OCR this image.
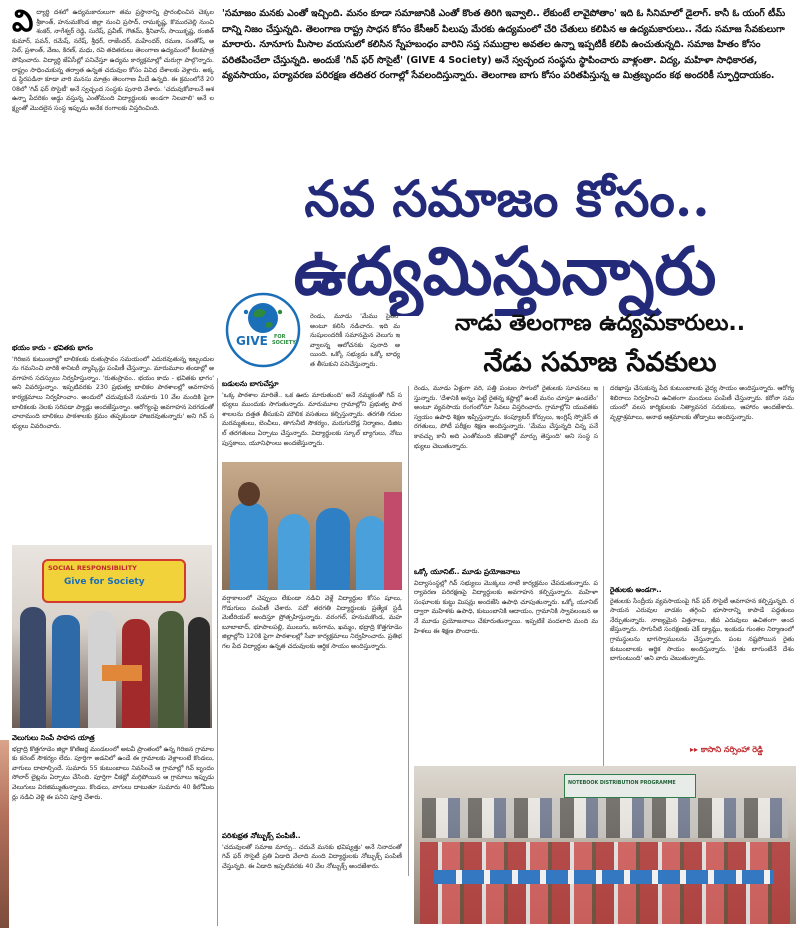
'సమాజం మనకు ఎంతో ఇచ్చింది. మనం కూడా సమాజానికి ఎంతో కొంత తిరిగి ఇవ్వాలి.. లేకుంటే లావైపోతాం' ఇది ఓ సినిమాలో డైలాగ్. కానీ ఓ యంగ్ టీమ్ దాన్ని నిజం చేస్తున్నది. తెలంగాణ రాష్ట్ర సాధన కోసం కేసీఆర్ పిలుపు మేరకు ఉద్యమంలో చేరి చేతులు కలిపిన ఆ ఉద్యమకారులు.. నేడు సమాజ సేవకులుగా మారారు. నూనూగు మీసాల వయసులో కలిసిన స్నేహబంధం వారిని సప్త సముద్రాల అవతల ఉన్నా ఇప్పటికీ కలిపి ఉంచుతున్నది. సమాజ హితం కోసం పరితపించేలా చేస్తున్నది. అందుకే 'గివ్ ఫర్ సొసైటీ' (GIVE 4 Society) అనే స్వచ్ఛంద సంస్థను స్థాపించారు వాళ్లంతా. విద్య, మహిళా సాధికారత, వ్యవసాయం, పర్యావరణ పరిరక్షణ తదితర రంగాల్లో సేవలందిస్తున్నారు. తెలంగాణ బాగు కోసం పరితపిస్తున్న ఆ మిత్రబృందం కథ అందరికీ స్ఫూర్తిదాయకం.
నవ సమాజం కోసం..
ఉద్యమిస్తున్నారు
GIVE FOR
SOCIETY
నాడు తెలంగాణ ఉద్యమకారులు..
నేడు సమాజ సేవకులు
వి ద్యార్థి దశలో ఉద్యమకారులుగా తమ ప్రస్థానాన్ని ప్రారంభించిన చెక్కల శ్రీకాంత్, హనుమకొండ జిల్లా నుంచి ప్రసాద్, రామకృష్ణ, కొమురవెల్లి నుంచి శంకర్, నాగేశ్వర్ రెడ్డి, సురేష్, ప్రవీణ్, గౌతమ్, శ్రీనివాస్, సాయికృష్ణ, రంజిత్ కుమార్, పవన్, రమేష్, నరేష్, శ్రీధర్, రాజేందర్, మహేందర్, రమణ, సంతోష్, అనిల్, ప్రశాంత్, వేణు, కిరణ్, మధు, రవి తదితరులు తెలంగాణ ఉద్యమంలో కీలకపాత్ర పోషించారు. విద్యార్థి జేఏసీల్లో పనిచేస్తూ ఉద్యమ కార్యక్రమాల్లో చురుగ్గా పాల్గొన్నారు. రాష్ట్రం సాధించుకున్న తర్వాత ఉన్నత చదువుల కోసం వివిధ దేశాలకు వెళ్లారు. అక్కడ స్థిరపడినా కూడా వారి మనసు మాత్రం తెలంగాణ మీదే ఉన్నది. ఈ క్రమంలోనే 2008లో 'గివ్ ఫర్ సొసైటీ' అనే స్వచ్ఛంద సంస్థకు పునాది వేశారు. 'చదువుకోవాలనే ఆశ ఉన్నా పేదరికం అడ్డు వస్తున్న ఎంతోమంది విద్యార్థులకు అండగా నిలవాలి' అనే లక్ష్యంతో మొదలైన సంస్థ ఇప్పుడు అనేక రంగాలకు విస్తరించింది.
భయం కాదు - భవితకు భాగం
'గిరిజన కుటుంబాల్లో బాలికలకు రుతుస్రావం సమయంలో ఎదురవుతున్న ఇబ్బందులను గమనించి వారికి శానిటరీ న్యాప్కిన్లు పంపిణీ చేస్తున్నాం. మారుమూల తండాల్లో అవగాహన సదస్సులు నిర్వహిస్తున్నాం. 'రుతుస్రావం.. భయం కాదు - భవితకు భాగం' అని వివరిస్తున్నాం. ఇప్పటివరకు 230 ప్రభుత్వ బాలికల పాఠశాలల్లో అవగాహన కార్యక్రమాలు నిర్వహించాం. అందులో చదువుకునే సుమారు 10 వేల మందికి పైగా బాలికలకు నెలకు సరిపడా ప్యాడ్లు అందజేస్తున్నాం. ఆరోగ్యంపై అవగాహన పెరగడంతో చాలామంది బాలికలు పాఠశాలకు క్రమం తప్పకుండా హాజరవుతున్నారు' అని గివ్ సభ్యులు వివరించారు.
SOCIAL RESPONSIBILITY
Give for Society
వెలుగులు నింపే సాహస యాత్ర
భద్రాద్రి కొత్తగూడెం జిల్లా కొణిజర్ల మండలంలో అటవీ ప్రాంతంలో ఉన్న గిరిజన గ్రామాలకు కరెంట్ సౌకర్యం లేదు. పూర్తిగా అడవిలో ఉండే ఈ గ్రామాలకు వెళ్లాలంటే కొండలు, వాగులు దాటాల్సిందే. సుమారు 55 కుటుంబాలు నివసించే ఆ గ్రామాల్లో గివ్ బృందం సోలార్ లైట్లను ఏర్పాటు చేసింది. పూర్తిగా చీకట్లో మగ్గిపోయిన ఆ గ్రామాలు ఇప్పుడు వెలుగులు విరజిమ్ముతున్నాయి. కొండలు, వాగులు దాటుతూ సుమారు 40 కిలోమీటర్లు నడిచి వెళ్లి ఈ పనిని పూర్తి చేశారు.
రెండు, మూడు 'మేము సైతం' అంటూ కలిసి నడిచారు. ఇది మనుషులందరికీ సమానమైన వెలుగు ఇవ్వాలన్న ఆలోచనకు పునాది అయింది. ఒక్కో సభ్యుడు ఒక్కో బాధ్యత తీసుకుని పనిచేస్తున్నారు.
బడులను బాగుచేస్తూ
'ఒక్క పాఠశాల మారితే.. ఒక ఊరు మారుతుంది' అనే నమ్మకంతో గివ్ సభ్యులు ముందుకు సాగుతున్నారు. మారుమూల గ్రామాల్లోని ప్రభుత్వ పాఠశాలలను దత్తత తీసుకుని మౌలిక వసతులు కల్పిస్తున్నారు. తరగతి గదుల మరమ్మతులు, బెంచీలు, తాగునీటి సౌకర్యం, మరుగుదొడ్ల నిర్మాణం, డిజిటల్ తరగతులు ఏర్పాటు చేస్తున్నారు. విద్యార్థులకు స్కూల్ బ్యాగులు, నోటు పుస్తకాలు, యూనిఫాంలు అందజేస్తున్నారు.
వర్షాకాలంలో చెప్పులు లేకుండా నడిచి వెళ్లే విద్యార్థుల కోసం షూలు, గొడుగులు పంపిణీ చేశారు. పదో తరగతి విద్యార్థులకు ప్రత్యేక స్టడీ మెటీరియల్ అందిస్తూ ప్రోత్సహిస్తున్నారు. వరంగల్, హనుమకొండ, మహబూబాబాద్, భూపాలపల్లి, ములుగు, జనగామ, ఖమ్మం, భద్రాద్రి కొత్తగూడెం జిల్లాల్లోని 120కి పైగా పాఠశాలల్లో సేవా కార్యక్రమాలు నిర్వహించారు. ప్రతిభ గల పేద విద్యార్థుల ఉన్నత చదువులకు ఆర్థిక సాయం అందిస్తున్నారు.
పరిశుభ్రత నోట్బుక్స్ పంపిణీ..
'చదువులతో సమాజ మార్పు.. చదువే మనకు భవిష్యత్తు' అనే నినాదంతో గివ్ ఫర్ సొసైటీ ప్రతి ఏడాది వేలాది మంది విద్యార్థులకు నోట్బుక్స్ పంపిణీ చేస్తున్నది. ఈ ఏడాది ఇప్పటివరకు 40 వేల నోట్బుక్స్ అందజేశారు.
రెండు, మూడు ఏళ్లుగా వరి, పత్తి పంటల సాగులో రైతులకు సూచనలు ఇస్తున్నారు. 'దేశానికి అన్నం పెట్టే రైతన్న కష్టాల్లో ఉంటే మనం చూస్తూ ఉండలేం' అంటూ వ్యవసాయ రంగంలోనూ సేవలు విస్తరించారు. గ్రామాల్లోని యువతకు స్వయం ఉపాధి శిక్షణ ఇప్పిస్తున్నారు. కంప్యూటర్ కోర్సులు, ఇంగ్లిష్ స్పోకెన్ తరగతులు, పోటీ పరీక్షల శిక్షణ అందిస్తున్నారు. 'మేము చేస్తున్నది చిన్న పనే కావచ్చు కానీ అది ఎంతోమంది జీవితాల్లో మార్పు తెస్తుంది' అని సంస్థ సభ్యులు చెబుతున్నారు.
ఒక్కో యూనిట్.. మూడు ప్రయోజనాలు
విద్యాసంస్థల్లో గివ్ సభ్యులు మొక్కలు నాటే కార్యక్రమం చేపడుతున్నారు. పర్యావరణ పరిరక్షణపై విద్యార్థులకు అవగాహన కల్పిస్తున్నారు. మహిళా సంఘాలకు కుట్టు మిషన్లు అందజేసి ఉపాధి చూపుతున్నారు. ఒక్కో యూనిట్ ద్వారా మహిళకు ఉపాధి, కుటుంబానికి ఆదాయం, గ్రామానికి స్వావలంబన అనే మూడు ప్రయోజనాలు చేకూరుతున్నాయి. ఇప్పటికే వందలాది మంది మహిళలు ఈ శిక్షణ పొందారు.
దరఖాస్తు చేసుకున్న పేద కుటుంబాలకు వైద్య సాయం అందిస్తున్నారు. ఆరోగ్య శిబిరాలు నిర్వహించి ఉచితంగా మందులు పంపిణీ చేస్తున్నారు. కరోనా సమయంలో వలస కార్మికులకు నిత్యావసర సరుకులు, ఆహారం అందజేశారు. వృద్ధాశ్రమాలు, అనాథ ఆశ్రమాలకు తోడ్పాటు అందిస్తున్నారు.
రైతులకు అండగా..
రైతులకు సేంద్రీయ వ్యవసాయంపై గివ్ ఫర్ సొసైటీ అవగాహన కల్పిస్తున్నది. రసాయన ఎరువుల వాడకం తగ్గించి భూసారాన్ని కాపాడే పద్ధతులు నేర్పుతున్నారు. నాణ్యమైన విత్తనాలు, జీవ ఎరువులు ఉచితంగా అందజేస్తున్నారు. సాగునీటి సంరక్షణకు చెక్ డ్యామ్లు, ఇంకుడు గుంతల నిర్మాణంలో గ్రామస్థులను భాగస్వాములను చేస్తున్నారు. పంట నష్టపోయిన రైతు కుటుంబాలకు ఆర్థిక సాయం అందిస్తున్నారు. 'రైతు బాగుంటేనే దేశం బాగుంటుంది' అని వారు చెబుతున్నారు.
▸▸ కాసాని నర్సింహా రెడ్డి
NOTEBOOK DISTRIBUTION PROGRAMME
